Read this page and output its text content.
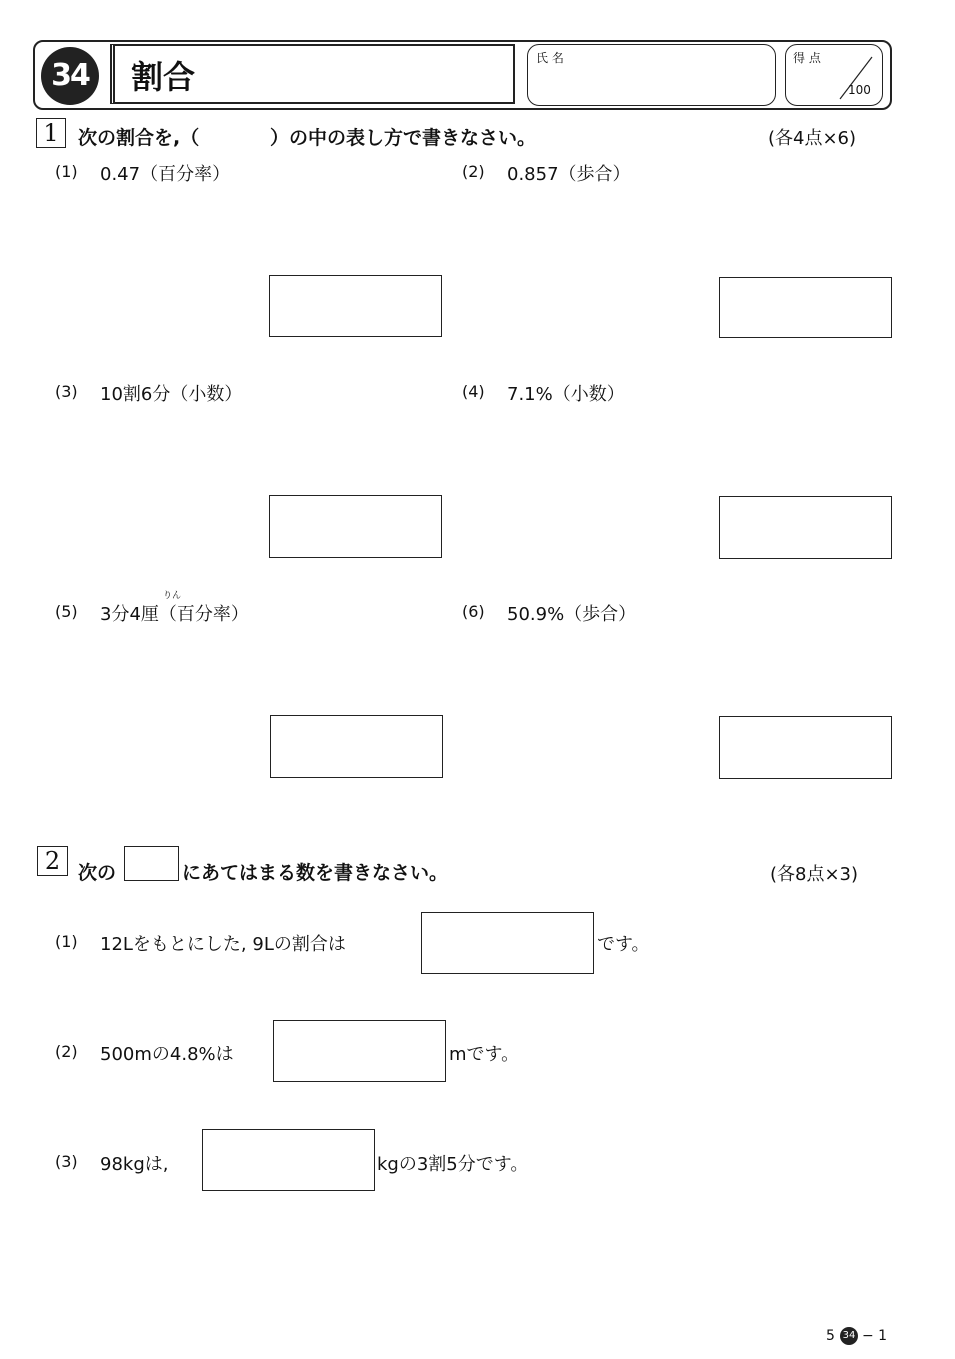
34	割合	氏 名	得 点
100
1	次の割合を,（	）の中の表し方で書きなさい。	(各4点×6)
(1) 0.47（百分率）	(2) 0.857（歩合）
(3) 10割6分（小数）	(4) 7.1%（小数）
りん
(5) 3分4厘（百分率）	(6) 50.9%（歩合）
2 次の	にあてはまる数を書きなさい。	(各8点×3)
(1) 12Lをもとにした, 9Lの割合は	です。
(2) 500mの4.8%は	mです。
(3) 98kgは,	kgの3割5分です。
5 34 − 1
